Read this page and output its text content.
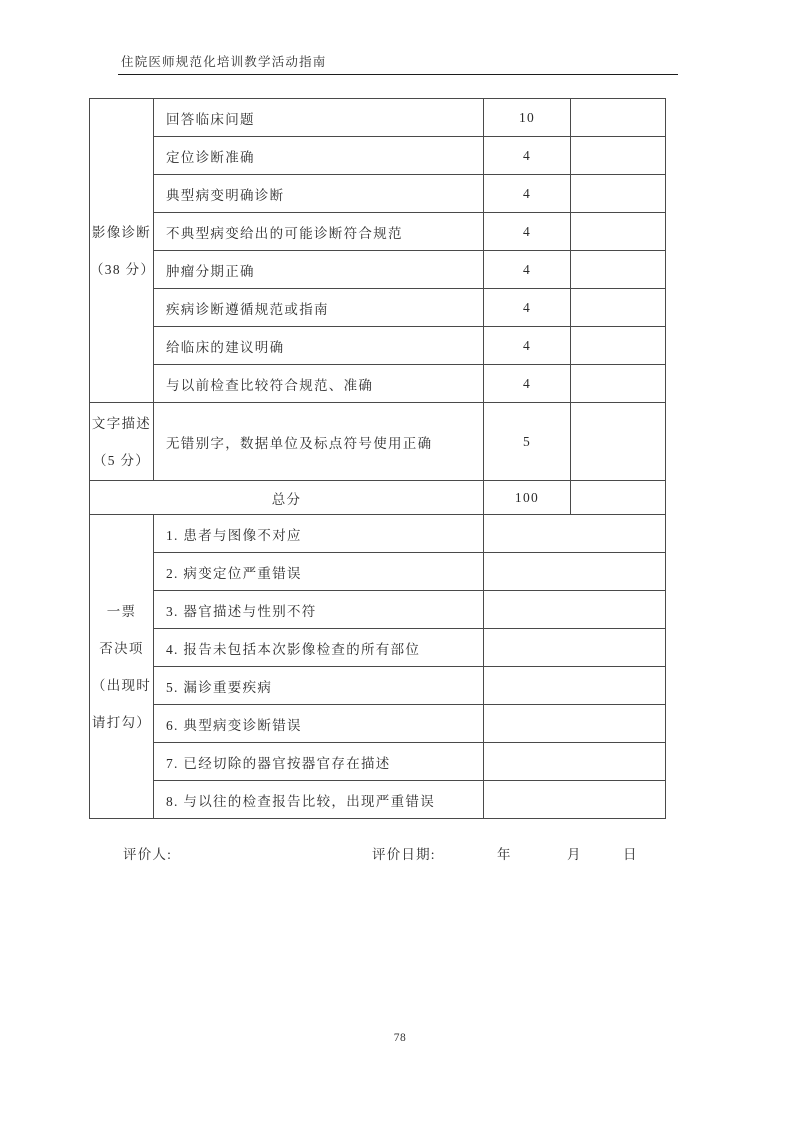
住院医师规范化培训教学活动指南
影像诊断
（38 分）	回答临床问题	10	
	定位诊断准确	4	
	典型病变明确诊断	4	
	不典型病变给出的可能诊断符合规范	4	
	肿瘤分期正确	4	
	疾病诊断遵循规范或指南	4	
	给临床的建议明确	4	
	与以前检查比较符合规范、准确	4	

文字描述
（5 分）	无错别字，数据单位及标点符号使用正确	5	
总分		100	

一票
否决项
（出现时
请打勾）	1. 患者与图像不对应		
	2. 病变定位严重错误		
	3. 器官描述与性别不符		
	4. 报告未包括本次影像检查的所有部位		
	5. 漏诊重要疾病		
	6. 典型病变诊断错误		
	7. 已经切除的器官按器官存在描述		
	8. 与以往的检查报告比较，出现严重错误		
评价人:	评价日期:	年	月	日
78
